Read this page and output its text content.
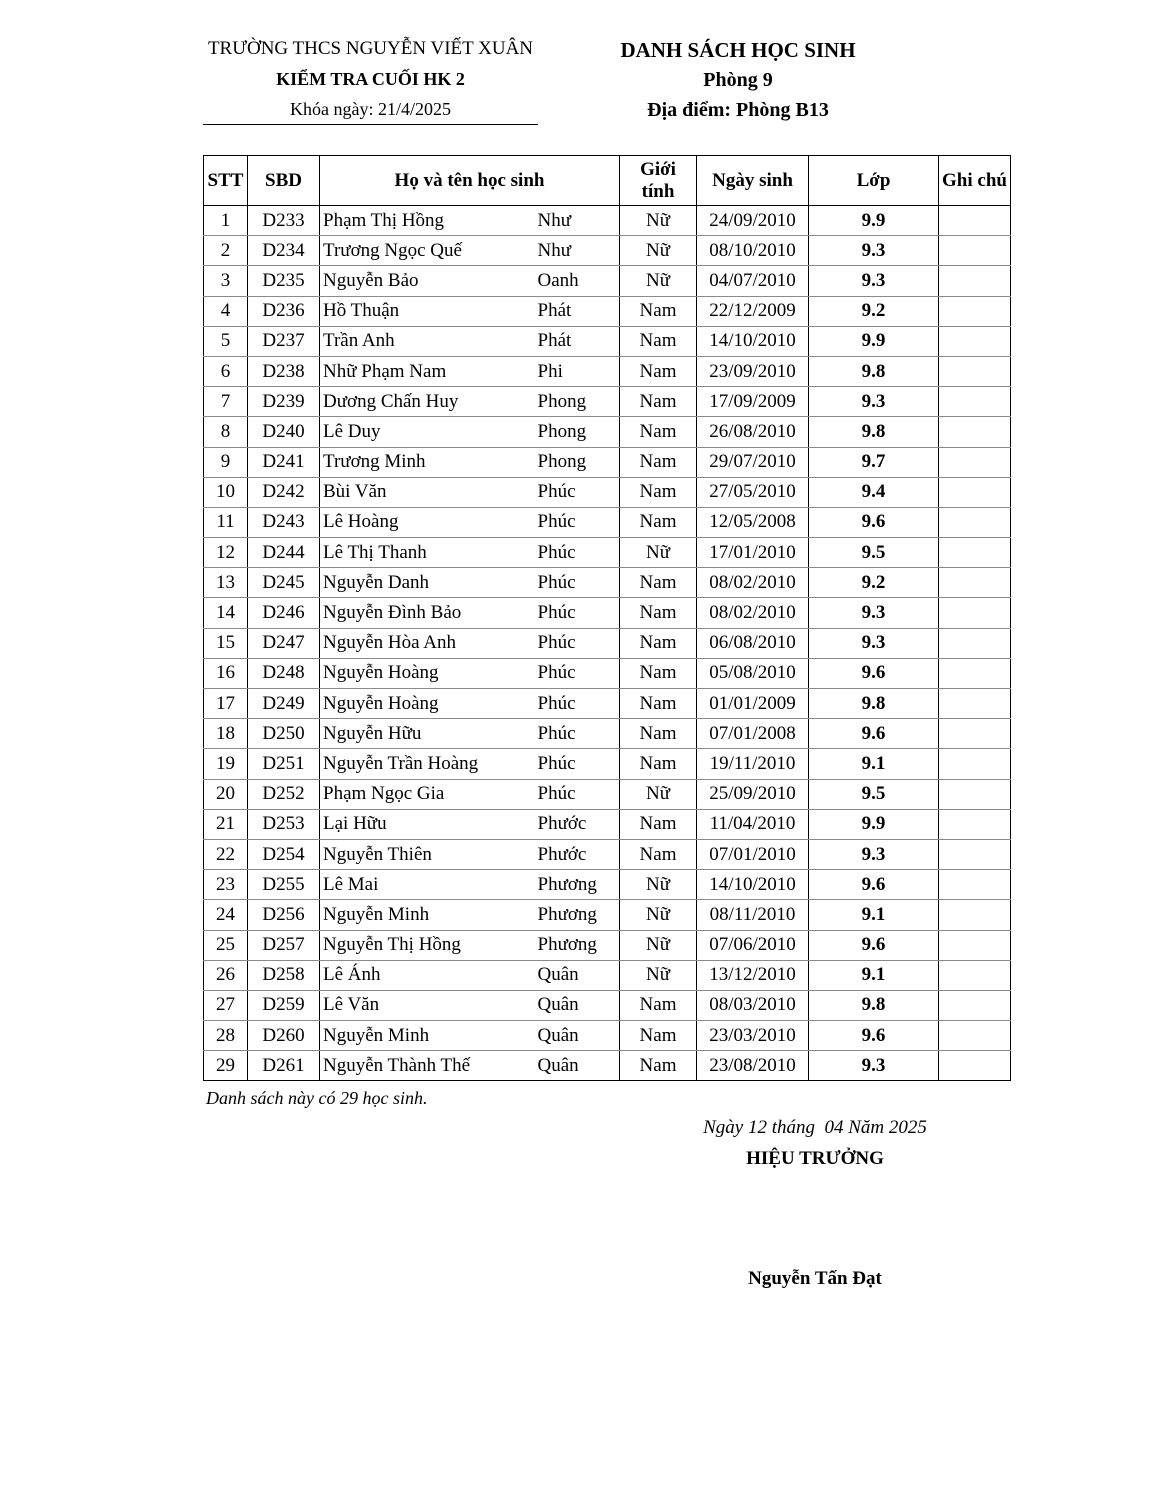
TRƯỜNG THCS NGUYỄN VIẾT XUÂN
KIỂM TRA CUỐI HK 2
Khóa ngày: 21/4/2025
DANH SÁCH HỌC SINH
Phòng 9
Địa điểm: Phòng B13
STT	SBD	Họ và tên học sinh		Giới tính	Ngày sinh	Lớp	Ghi chú
1	D233	Phạm Thị Hồng	Như	Nữ	24/09/2010	9.9	
2	D234	Trương Ngọc Quế	Như	Nữ	08/10/2010	9.3	
3	D235	Nguyễn Bảo	Oanh	Nữ	04/07/2010	9.3	
4	D236	Hồ Thuận	Phát	Nam	22/12/2009	9.2	
5	D237	Trần Anh	Phát	Nam	14/10/2010	9.9	
6	D238	Nhữ Phạm Nam	Phi	Nam	23/09/2010	9.8	
7	D239	Dương Chấn Huy	Phong	Nam	17/09/2009	9.3	
8	D240	Lê Duy	Phong	Nam	26/08/2010	9.8	
9	D241	Trương Minh	Phong	Nam	29/07/2010	9.7	
10	D242	Bùi Văn	Phúc	Nam	27/05/2010	9.4	
11	D243	Lê Hoàng	Phúc	Nam	12/05/2008	9.6	
12	D244	Lê Thị Thanh	Phúc	Nữ	17/01/2010	9.5	
13	D245	Nguyễn Danh	Phúc	Nam	08/02/2010	9.2	
14	D246	Nguyễn Đình Bảo	Phúc	Nam	08/02/2010	9.3	
15	D247	Nguyễn Hòa Anh	Phúc	Nam	06/08/2010	9.3	
16	D248	Nguyễn Hoàng	Phúc	Nam	05/08/2010	9.6	
17	D249	Nguyễn Hoàng	Phúc	Nam	01/01/2009	9.8	
18	D250	Nguyễn Hữu	Phúc	Nam	07/01/2008	9.6	
19	D251	Nguyễn Trần Hoàng	Phúc	Nam	19/11/2010	9.1	
20	D252	Phạm Ngọc Gia	Phúc	Nữ	25/09/2010	9.5	
21	D253	Lại Hữu	Phước	Nam	11/04/2010	9.9	
22	D254	Nguyễn Thiên	Phước	Nam	07/01/2010	9.3	
23	D255	Lê Mai	Phương	Nữ	14/10/2010	9.6	
24	D256	Nguyễn Minh	Phương	Nữ	08/11/2010	9.1	
25	D257	Nguyễn Thị Hồng	Phương	Nữ	07/06/2010	9.6	
26	D258	Lê Ánh	Quân	Nữ	13/12/2010	9.1	
27	D259	Lê Văn	Quân	Nam	08/03/2010	9.8	
28	D260	Nguyễn Minh	Quân	Nam	23/03/2010	9.6	
29	D261	Nguyễn Thành Thế	Quân	Nam	23/08/2010	9.3	
Danh sách này có 29 học sinh.
Ngày 12 tháng  04 Năm 2025
HIỆU TRƯỞNG
Nguyễn Tấn Đạt
